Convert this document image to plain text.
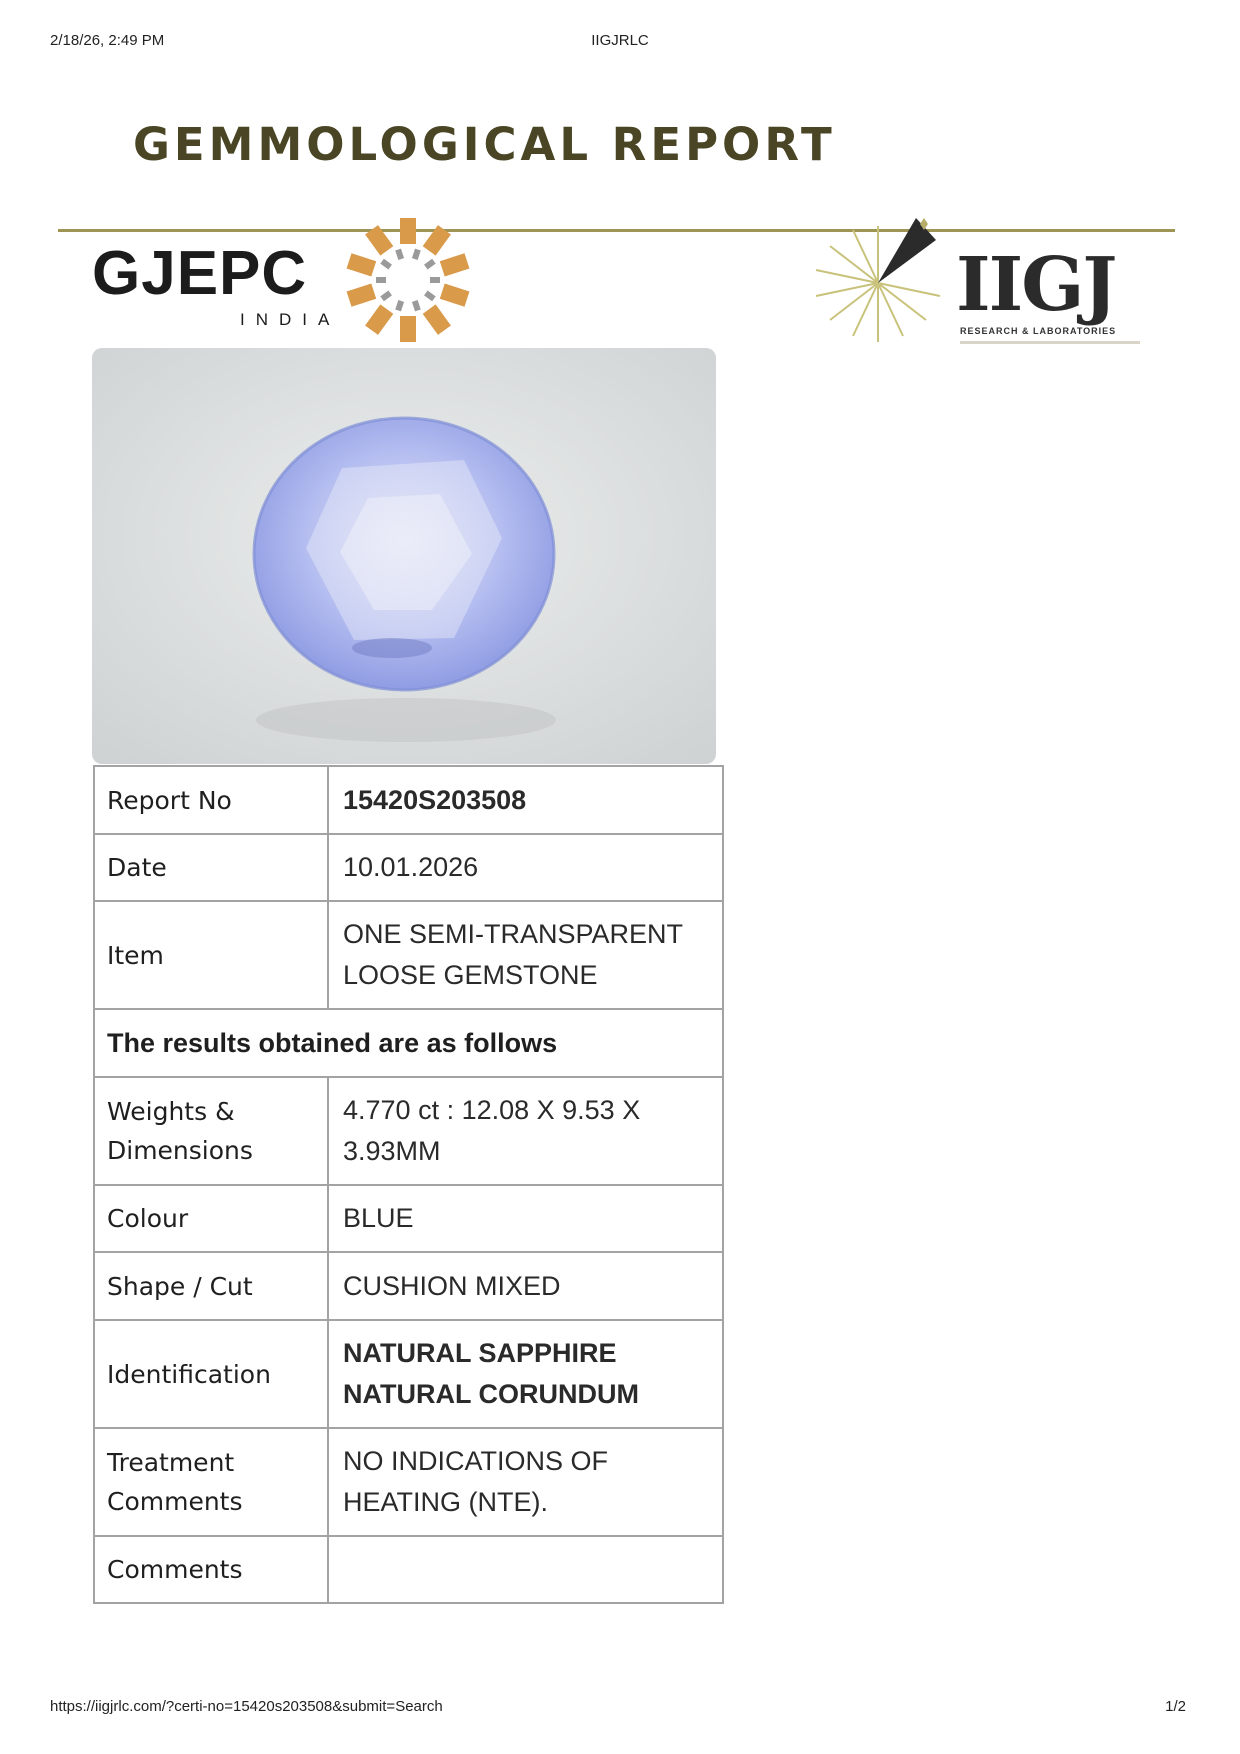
2/18/26, 2:49 PM	IIGJRLC
GEMMOLOGICAL REPORT
GJEPC
INDIA	IIGJ
RESEARCH & LABORATORIES
Report No	15420S203508
Date	10.01.2026
Item	ONE SEMI-TRANSPARENT
LOOSE GEMSTONE

The results obtained are as follows	
Weights & Dimensions	4.770 ct : 12.08 X 9.53 X
3.93MM

Colour	BLUE
Shape / Cut	CUSHION MIXED
Identification	NATURAL SAPPHIRE
NATURAL CORUNDUM

Treatment Comments	NO INDICATIONS OF
HEATING (NTE).

Comments	
https://iigjrlc.com/?certi-no=15420s203508&submit=Search	1/2
